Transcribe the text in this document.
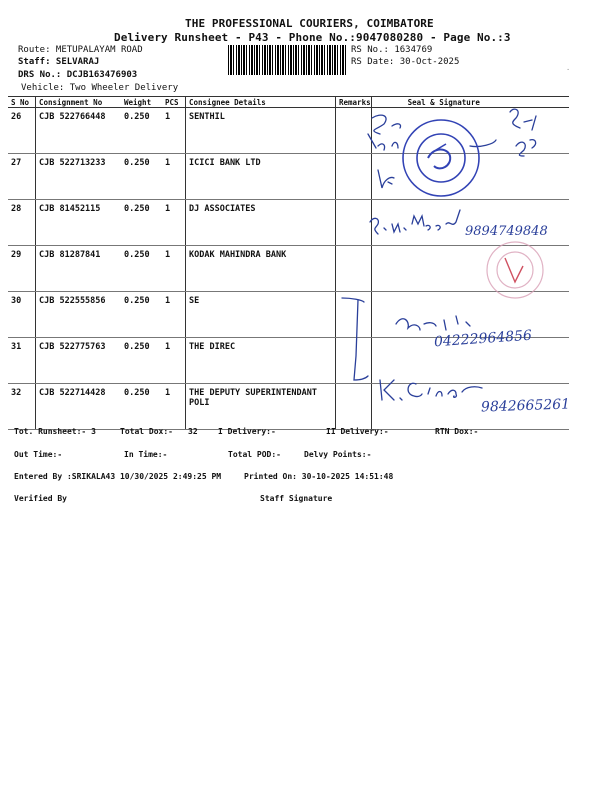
THE PROFESSIONAL COURIERS, COIMBATORE
Delivery Runsheet - P43 - Phone No.:9047080280 - Page No.:3
Route: METUPALAYAM ROAD
Staff: SELVARAJ
DRS No.: DCJB163476903
Vehicle: Two Wheeler Delivery
RS No.: 1634769
RS Date: 30-Oct-2025
·
S No	Consignment No	Weight	PCS	Consignee Details	Remarks	Seal & Signature
26	CJB 522766448	0.250	1	SENTHIL		
27	CJB 522713233	0.250	1	ICICI BANK LTD		
28	CJB 81452115	0.250	1	DJ ASSOCIATES		
29	CJB 81287841	0.250	1	KODAK MAHINDRA BANK		
30	CJB 522555856	0.250	1	SE		
31	CJB 522775763	0.250	1	THE DIREC		
32	CJB 522714428	0.250	1	THE DEPUTY SUPERINTENDANT POLI		
9894749848
04222964856
9842665261
Tot. Runsheet:- 3	Total Dox:- 32	I Delivery:-	II Delivery:-	RTN Dox:-
Out Time:-	In Time:-	Total POD:-	Delvy Points:-
Entered By :SRIKALA43 10/30/2025 2:49:25 PM	Printed On: 30-10-2025 14:51:48
Verified By	Staff Signature
